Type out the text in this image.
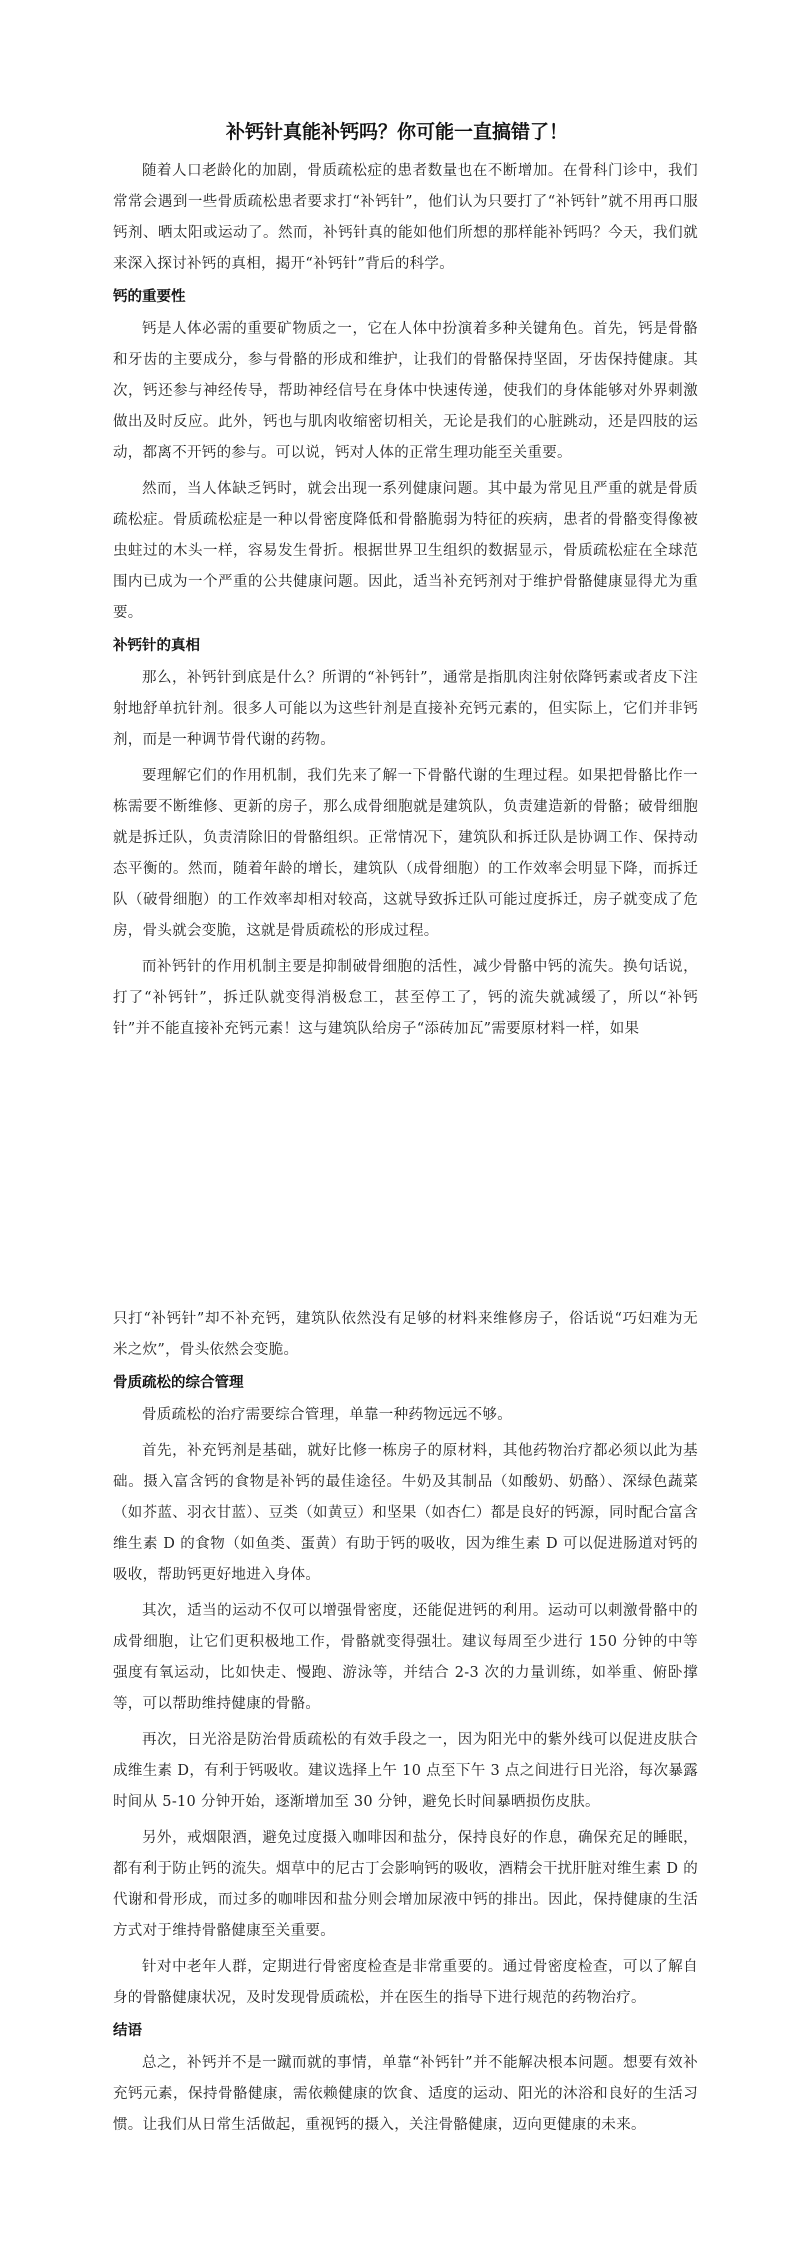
补钙针真能补钙吗？你可能一直搞错了！

随着人口老龄化的加剧，骨质疏松症的患者数量也在不断增加。在骨科门诊中，我们常常会遇到一些骨质疏松患者要求打“补钙针”，他们认为只要打了“补钙针”就不用再口服钙剂、晒太阳或运动了。然而，补钙针真的能如他们所想的那样能补钙吗？今天，我们就来深入探讨补钙的真相，揭开“补钙针”背后的科学。

钙的重要性

钙是人体必需的重要矿物质之一，它在人体中扮演着多种关键角色。首先，钙是骨骼和牙齿的主要成分，参与骨骼的形成和维护，让我们的骨骼保持坚固，牙齿保持健康。其次，钙还参与神经传导，帮助神经信号在身体中快速传递，使我们的身体能够对外界刺激做出及时反应。此外，钙也与肌肉收缩密切相关，无论是我们的心脏跳动，还是四肢的运动，都离不开钙的参与。可以说，钙对人体的正常生理功能至关重要。

然而，当人体缺乏钙时，就会出现一系列健康问题。其中最为常见且严重的就是骨质疏松症。骨质疏松症是一种以骨密度降低和骨骼脆弱为特征的疾病，患者的骨骼变得像被虫蛀过的木头一样，容易发生骨折。根据世界卫生组织的数据显示，骨质疏松症在全球范围内已成为一个严重的公共健康问题。因此，适当补充钙剂对于维护骨骼健康显得尤为重要。

补钙针的真相

那么，补钙针到底是什么？所谓的“补钙针”，通常是指肌肉注射依降钙素或者皮下注射地舒单抗针剂。很多人可能以为这些针剂是直接补充钙元素的，但实际上，它们并非钙剂，而是一种调节骨代谢的药物。

要理解它们的作用机制，我们先来了解一下骨骼代谢的生理过程。如果把骨骼比作一栋需要不断维修、更新的房子，那么成骨细胞就是建筑队，负责建造新的骨骼；破骨细胞就是拆迁队，负责清除旧的骨骼组织。正常情况下，建筑队和拆迁队是协调工作、保持动态平衡的。然而，随着年龄的增长，建筑队（成骨细胞）的工作效率会明显下降，而拆迁队（破骨细胞）的工作效率却相对较高，这就导致拆迁队可能过度拆迁，房子就变成了危房，骨头就会变脆，这就是骨质疏松的形成过程。

而补钙针的作用机制主要是抑制破骨细胞的活性，减少骨骼中钙的流失。换句话说，打了“补钙针”，拆迁队就变得消极怠工，甚至停工了，钙的流失就减缓了，所以“补钙针”并不能直接补充钙元素！这与建筑队给房子“添砖加瓦”需要原材料一样，如果

只打“补钙针”却不补充钙，建筑队依然没有足够的材料来维修房子，俗话说“巧妇难为无米之炊”，骨头依然会变脆。

骨质疏松的综合管理

骨质疏松的治疗需要综合管理，单靠一种药物远远不够。

首先，补充钙剂是基础，就好比修一栋房子的原材料，其他药物治疗都必须以此为基础。摄入富含钙的食物是补钙的最佳途径。牛奶及其制品（如酸奶、奶酪）、深绿色蔬菜（如芥蓝、羽衣甘蓝）、豆类（如黄豆）和坚果（如杏仁）都是良好的钙源，同时配合富含维生素 D 的食物（如鱼类、蛋黄）有助于钙的吸收，因为维生素 D 可以促进肠道对钙的吸收，帮助钙更好地进入身体。

其次，适当的运动不仅可以增强骨密度，还能促进钙的利用。运动可以刺激骨骼中的成骨细胞，让它们更积极地工作，骨骼就变得强壮。建议每周至少进行 150 分钟的中等强度有氧运动，比如快走、慢跑、游泳等，并结合 2-3 次的力量训练，如举重、俯卧撑等，可以帮助维持健康的骨骼。

再次，日光浴是防治骨质疏松的有效手段之一，因为阳光中的紫外线可以促进皮肤合成维生素 D，有利于钙吸收。建议选择上午 10 点至下午 3 点之间进行日光浴，每次暴露时间从 5-10 分钟开始，逐渐增加至 30 分钟，避免长时间暴晒损伤皮肤。

另外，戒烟限酒，避免过度摄入咖啡因和盐分，保持良好的作息，确保充足的睡眠，都有利于防止钙的流失。烟草中的尼古丁会影响钙的吸收，酒精会干扰肝脏对维生素 D 的代谢和骨形成，而过多的咖啡因和盐分则会增加尿液中钙的排出。因此，保持健康的生活方式对于维持骨骼健康至关重要。

针对中老年人群，定期进行骨密度检查是非常重要的。通过骨密度检查，可以了解自身的骨骼健康状况，及时发现骨质疏松，并在医生的指导下进行规范的药物治疗。

结语

总之，补钙并不是一蹴而就的事情，单靠“补钙针”并不能解决根本问题。想要有效补充钙元素，保持骨骼健康，需依赖健康的饮食、适度的运动、阳光的沐浴和良好的生活习惯。让我们从日常生活做起，重视钙的摄入，关注骨骼健康，迈向更健康的未来。
